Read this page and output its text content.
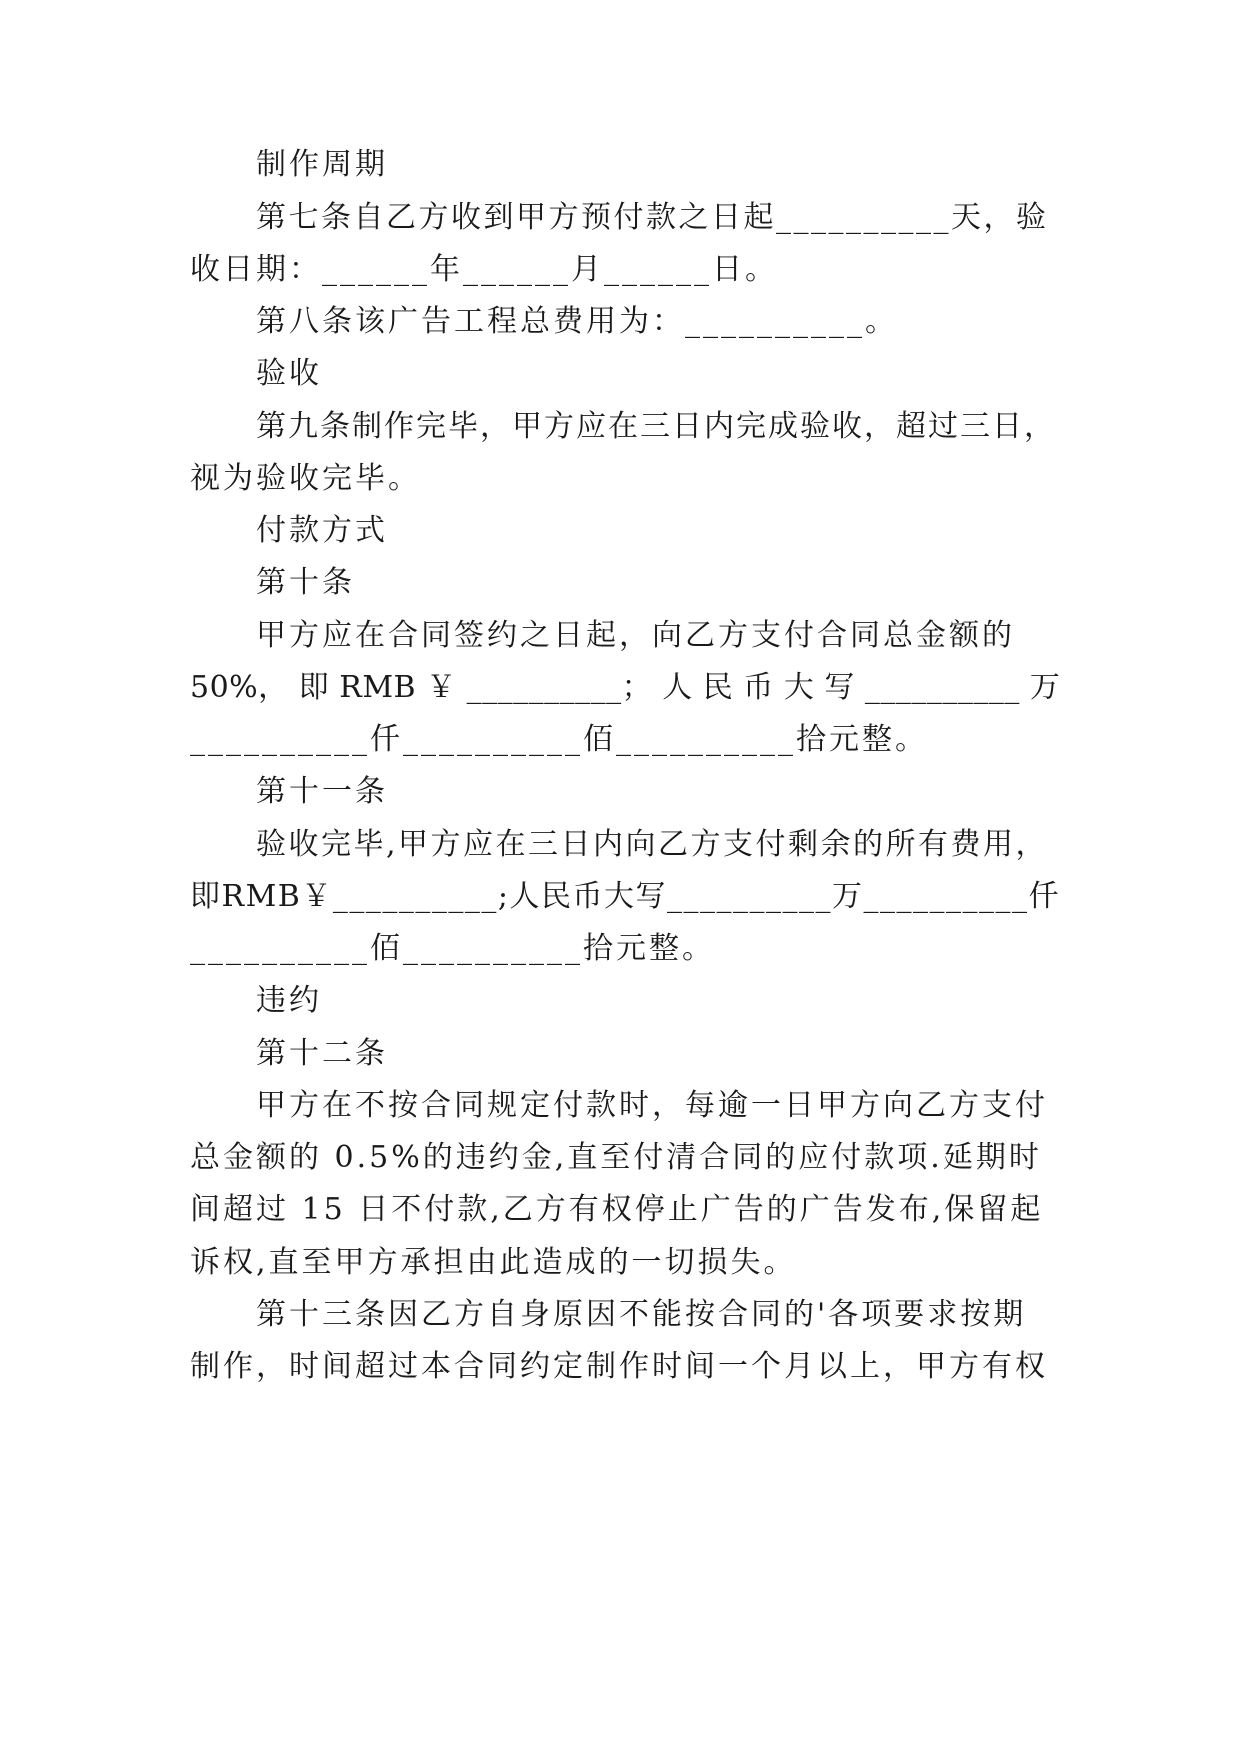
制作周期
第七条自乙方收到甲方预付款之日起__________天，验
收日期：______年______月______日。
第八条该广告工程总费用为：__________。
验收
第九条制作完毕，甲方应在三日内完成验收，超过三日，
视为验收完毕。
付款方式
第十条
甲方应在合同签约之日起，向乙方支付合同总金额的
50%， 即 RMB ￥ __________； 人 民 币 大 写 __________ 万
__________仟__________佰__________拾元整。
第十一条
验收完毕,甲方应在三日内向乙方支付剩余的所有费用，
即RMB￥__________;人民币大写__________万__________仟
__________佰__________拾元整。
违约
第十二条
甲方在不按合同规定付款时，每逾一日甲方向乙方支付
总金额的 0.5%的违约金,直至付清合同的应付款项.延期时
间超过 15 日不付款,乙方有权停止广告的广告发布,保留起
诉权,直至甲方承担由此造成的一切损失。
第十三条因乙方自身原因不能按合同的'各项要求按期
制作，时间超过本合同约定制作时间一个月以上，甲方有权
